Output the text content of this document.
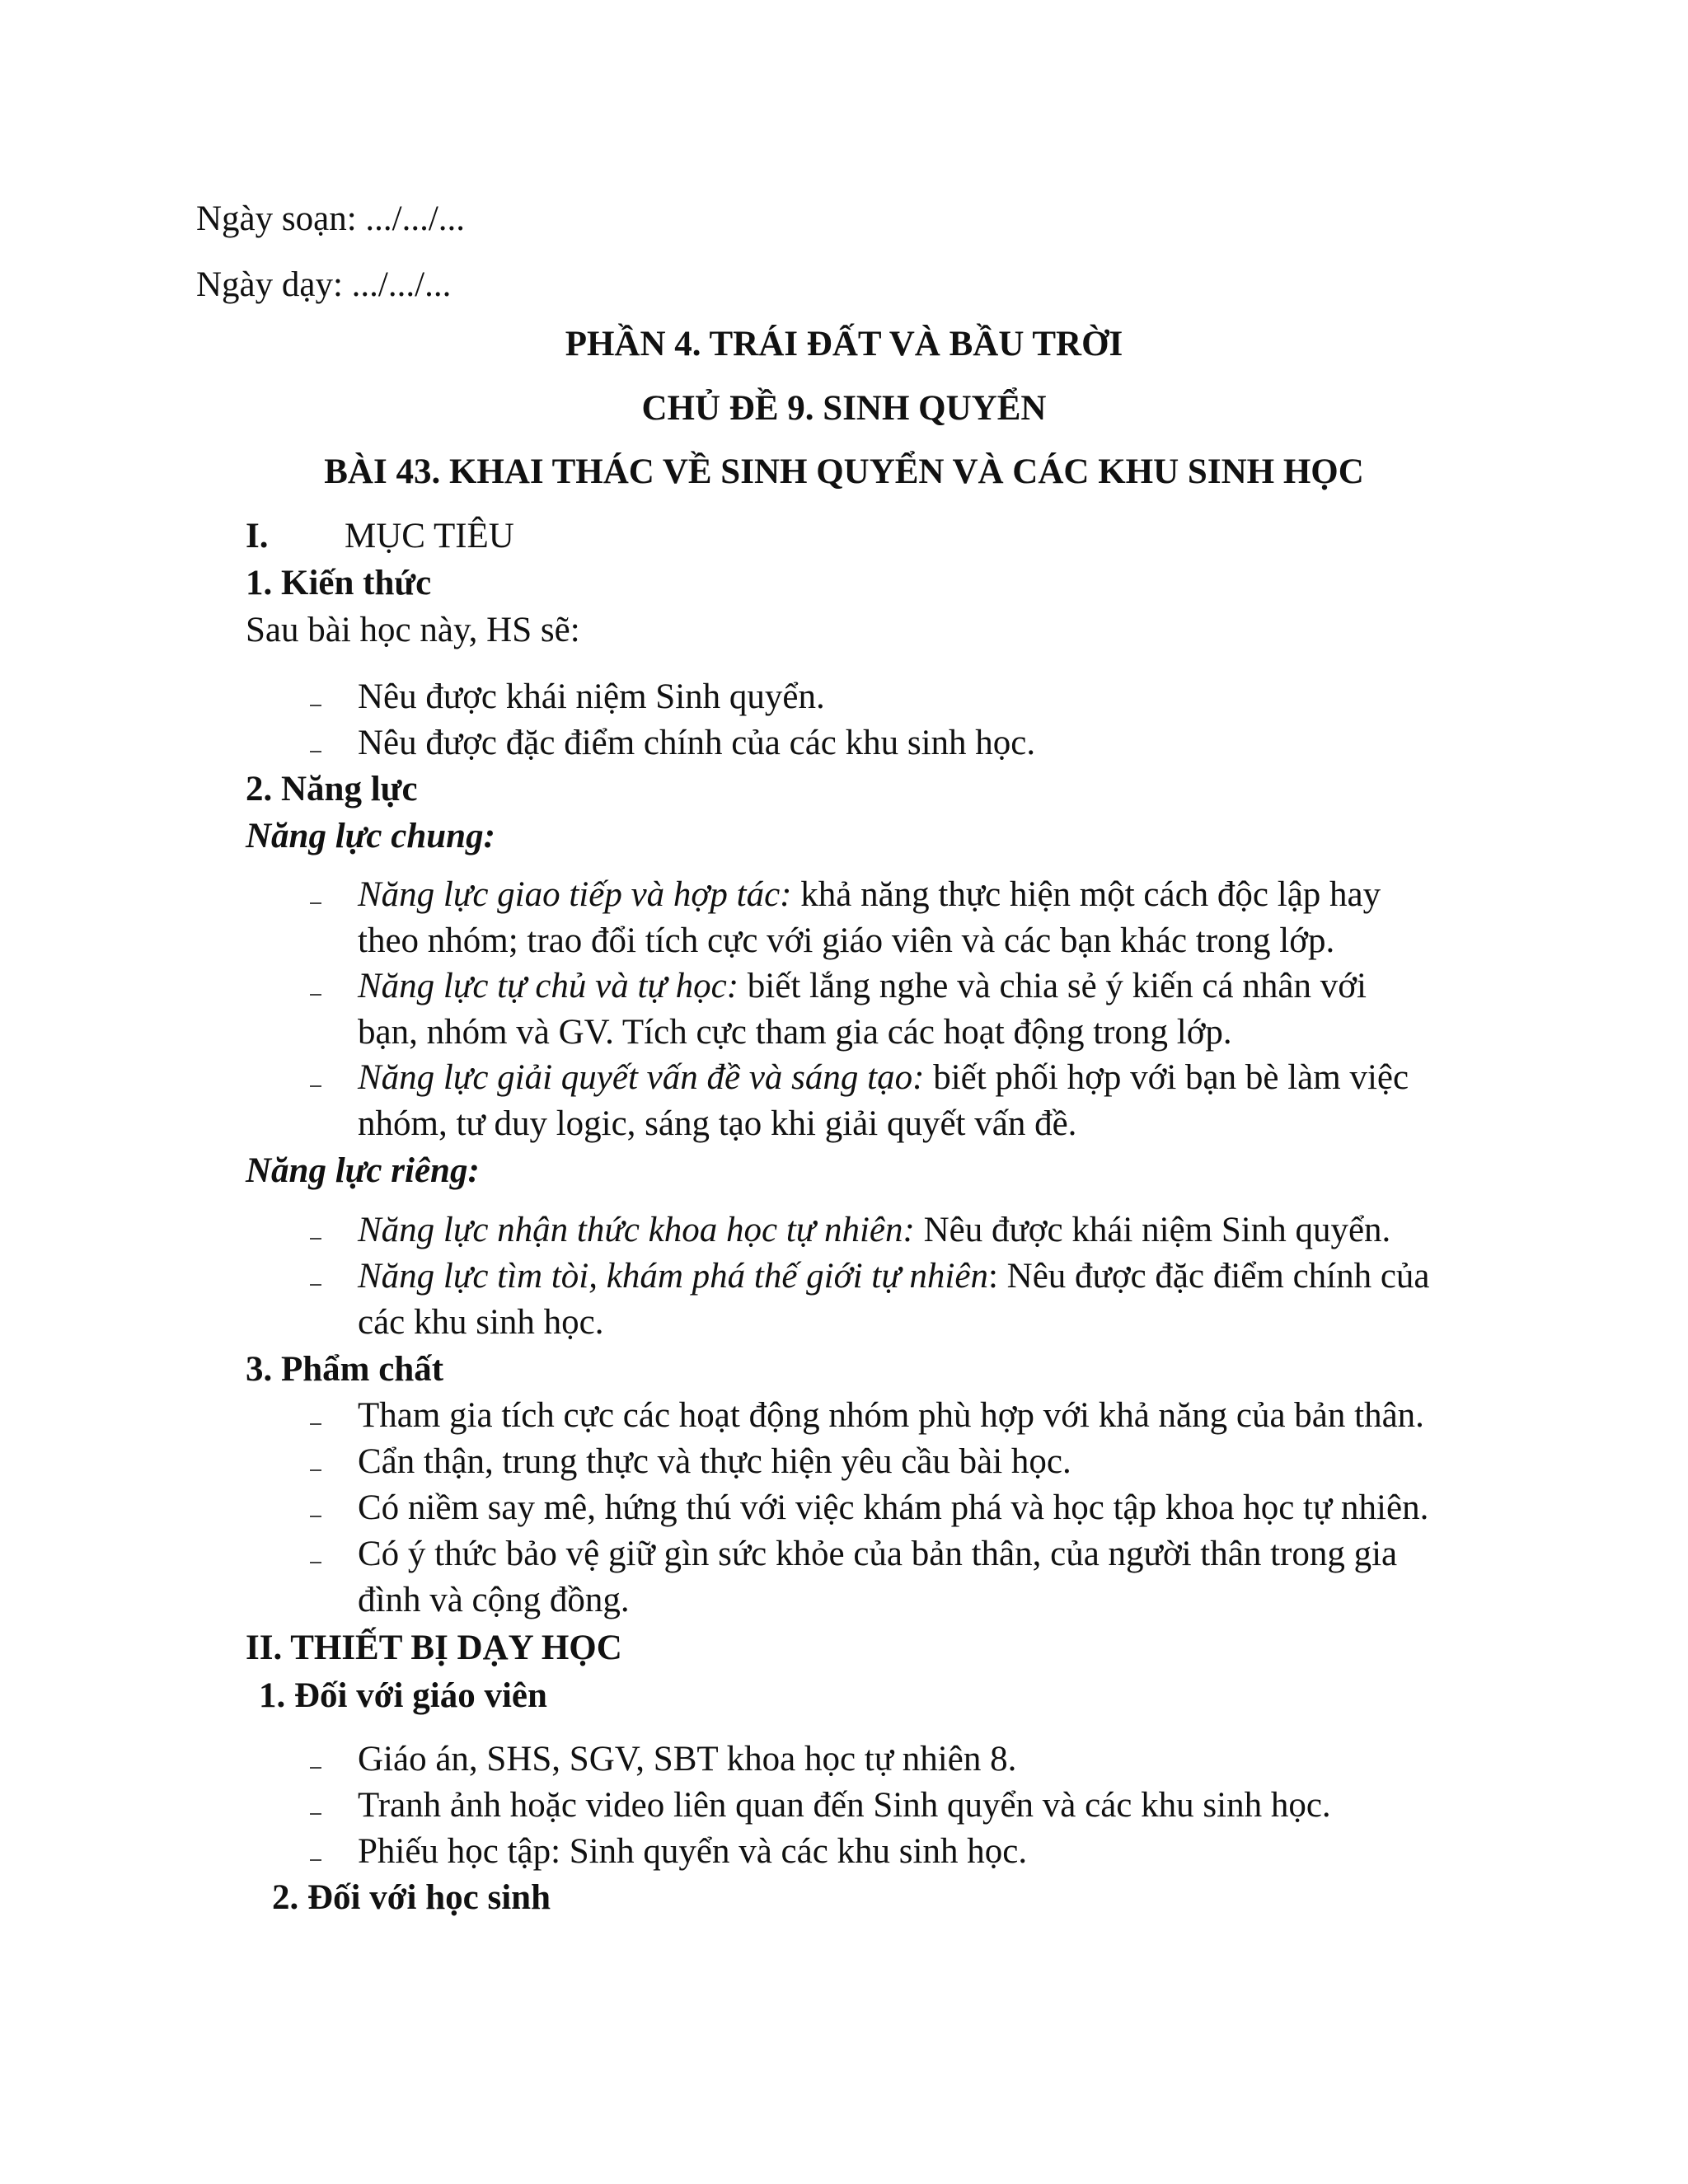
Ngày soạn: .../.../...
Ngày dạy: .../.../...
PHẦN 4. TRÁI ĐẤT VÀ BẦU TRỜI
CHỦ ĐỀ 9. SINH QUYỂN
BÀI 43. KHAI THÁC VỀ SINH QUYỂN VÀ CÁC KHU SINH HỌC
I. MỤC TIÊU
1. Kiến thức
Sau bài học này, HS sẽ:
Nêu được khái niệm Sinh quyển.
Nêu được đặc điểm chính của các khu sinh học.
2. Năng lực
Năng lực chung:
Năng lực giao tiếp và hợp tác: khả năng thực hiện một cách độc lập hay
theo nhóm; trao đổi tích cực với giáo viên và các bạn khác trong lớp.
Năng lực tự chủ và tự học: biết lắng nghe và chia sẻ ý kiến cá nhân với
bạn, nhóm và GV. Tích cực tham gia các hoạt động trong lớp.
Năng lực giải quyết vấn đề và sáng tạo: biết phối hợp với bạn bè làm việc
nhóm, tư duy logic, sáng tạo khi giải quyết vấn đề.
Năng lực riêng:
Năng lực nhận thức khoa học tự nhiên: Nêu được khái niệm Sinh quyển.
Năng lực tìm tòi, khám phá thế giới tự nhiên: Nêu được đặc điểm chính của
các khu sinh học.
3. Phẩm chất
Tham gia tích cực các hoạt động nhóm phù hợp với khả năng của bản thân.
Cẩn thận, trung thực và thực hiện yêu cầu bài học.
Có niềm say mê, hứng thú với việc khám phá và học tập khoa học tự nhiên.
Có ý thức bảo vệ giữ gìn sức khỏe của bản thân, của người thân trong gia
đình và cộng đồng.
II. THIẾT BỊ DẠY HỌC
1. Đối với giáo viên
Giáo án, SHS, SGV, SBT khoa học tự nhiên 8.
Tranh ảnh hoặc video liên quan đến Sinh quyển và các khu sinh học.
Phiếu học tập: Sinh quyển và các khu sinh học.
2. Đối với học sinh
